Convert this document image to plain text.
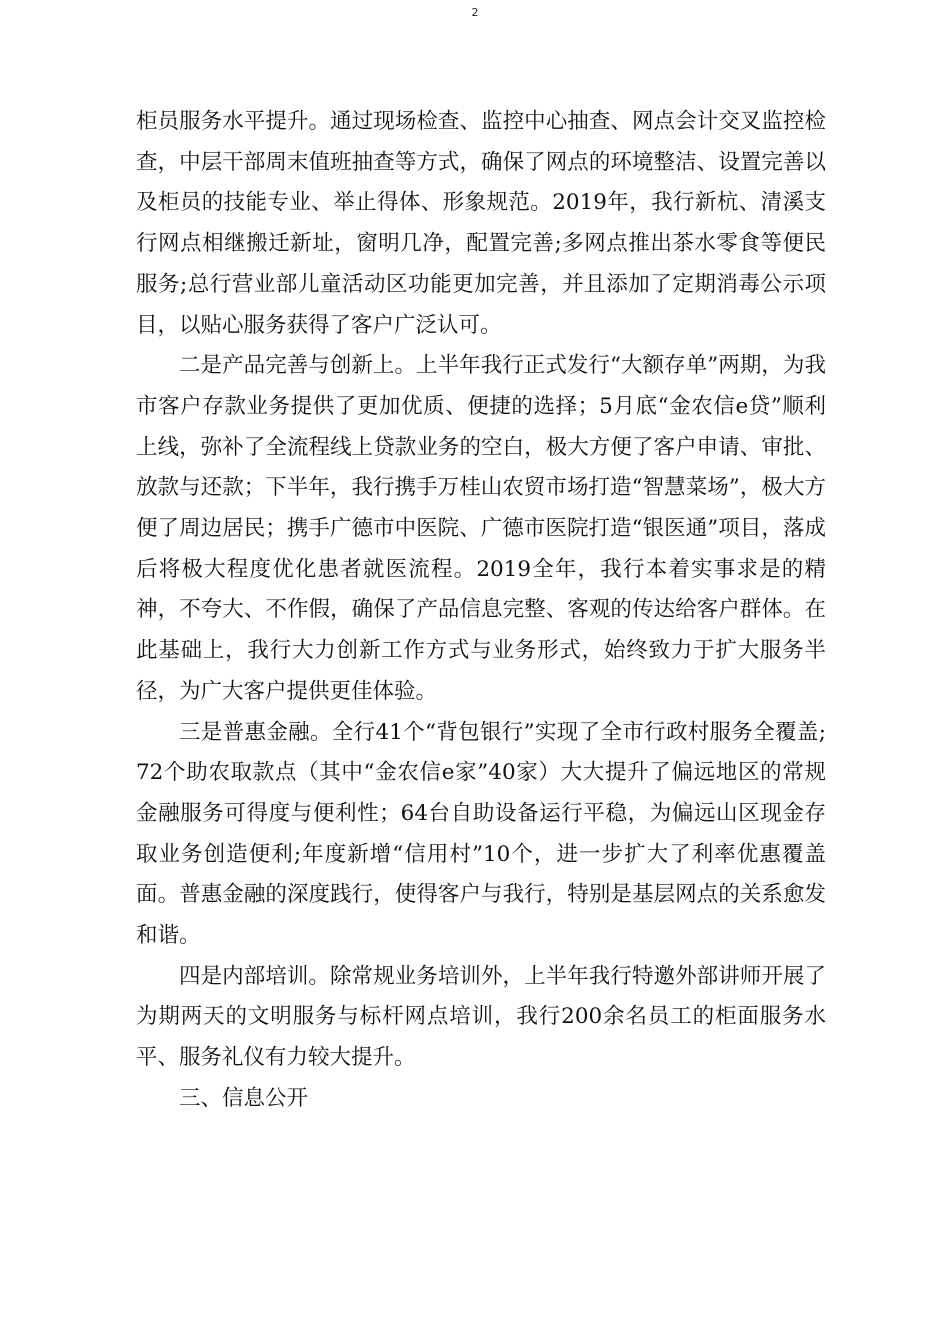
2

柜员服务水平提升。通过现场检查、监控中心抽查、网点会计交叉监控检查，中层干部周末值班抽查等方式，确保了网点的环境整洁、设置完善以及柜员的技能专业、举止得体、形象规范。2019年，我行新杭、清溪支行网点相继搬迁新址，窗明几净，配置完善;多网点推出茶水零食等便民服务;总行营业部儿童活动区功能更加完善，并且添加了定期消毒公示项目，以贴心服务获得了客户广泛认可。

二是产品完善与创新上。上半年我行正式发行“大额存单”两期，为我市客户存款业务提供了更加优质、便捷的选择；5月底“金农信e贷”顺利上线，弥补了全流程线上贷款业务的空白，极大方便了客户申请、审批、放款与还款；下半年，我行携手万桂山农贸市场打造“智慧菜场”，极大方便了周边居民；携手广德市中医院、广德市医院打造“银医通”项目，落成后将极大程度优化患者就医流程。2019全年，我行本着实事求是的精神，不夸大、不作假，确保了产品信息完整、客观的传达给客户群体。在此基础上，我行大力创新工作方式与业务形式，始终致力于扩大服务半径，为广大客户提供更佳体验。

三是普惠金融。全行41个“背包银行”实现了全市行政村服务全覆盖;72个助农取款点（其中“金农信e家”40家）大大提升了偏远地区的常规金融服务可得度与便利性；64台自助设备运行平稳，为偏远山区现金存取业务创造便利;年度新增“信用村”10个，进一步扩大了利率优惠覆盖面。普惠金融的深度践行，使得客户与我行，特别是基层网点的关系愈发和谐。

四是内部培训。除常规业务培训外，上半年我行特邀外部讲师开展了为期两天的文明服务与标杆网点培训，我行200余名员工的柜面服务水平、服务礼仪有力较大提升。

三、信息公开
